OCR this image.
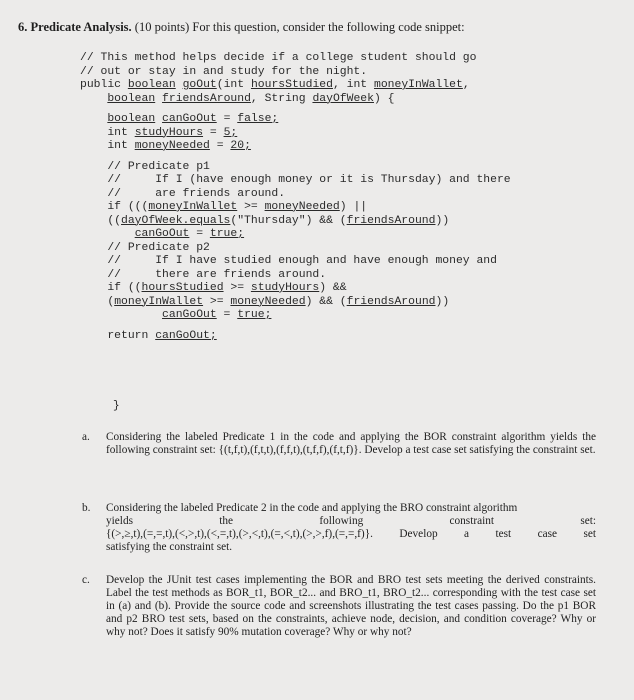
6. Predicate Analysis. (10 points) For this question, consider the following code snippet:
// This method helps decide if a college student should go
// out or stay in and study for the night.
public boolean goOut(int hoursStudied, int moneyInWallet,
boolean friendsAround, String dayOfWeek) {
boolean canGoOut = false;
int studyHours = 5;
int moneyNeeded = 20;
// Predicate p1
//     If I (have enough money or it is Thursday) and there
//     are friends around.
if (((moneyInWallet >= moneyNeeded) ||
((dayOfWeek.equals("Thursday") && (friendsAround))
canGoOut = true;
// Predicate p2
//     If I have studied enough and have enough money and
//     there are friends around.
if ((hoursStudied >= studyHours) &&
(moneyInWallet >= moneyNeeded) && (friendsAround))
canGoOut = true;
return canGoOut;
}
a. Considering the labeled Predicate 1 in the code and applying the BOR constraint algorithm yields the following constraint set: {(t,f,t),(f,t,t),(f,f,t),(t,f,f),(f,t,f)}. Develop a test case set satisfying the constraint set.
b. Considering the labeled Predicate 2 in the code and applying the BRO constraint algorithm
yields	the	following	constraint	set:
{(>,≥,t),(=,=,t),(<,>,t),(<,=,t),(>,<,t),(=,<,t),(>,>,f),(=,=,f)}. Develop a test case set
satisfying the constraint set.
c. Develop the JUnit test cases implementing the BOR and BRO test sets meeting the derived constraints. Label the test methods as BOR_t1, BOR_t2... and BRO_t1, BRO_t2... corresponding with the test case set in (a) and (b). Provide the source code and screenshots illustrating the test cases passing. Do the p1 BOR and p2 BRO test sets, based on the constraints, achieve node, decision, and condition coverage? Why or why not? Does it satisfy 90% mutation coverage? Why or why not?
